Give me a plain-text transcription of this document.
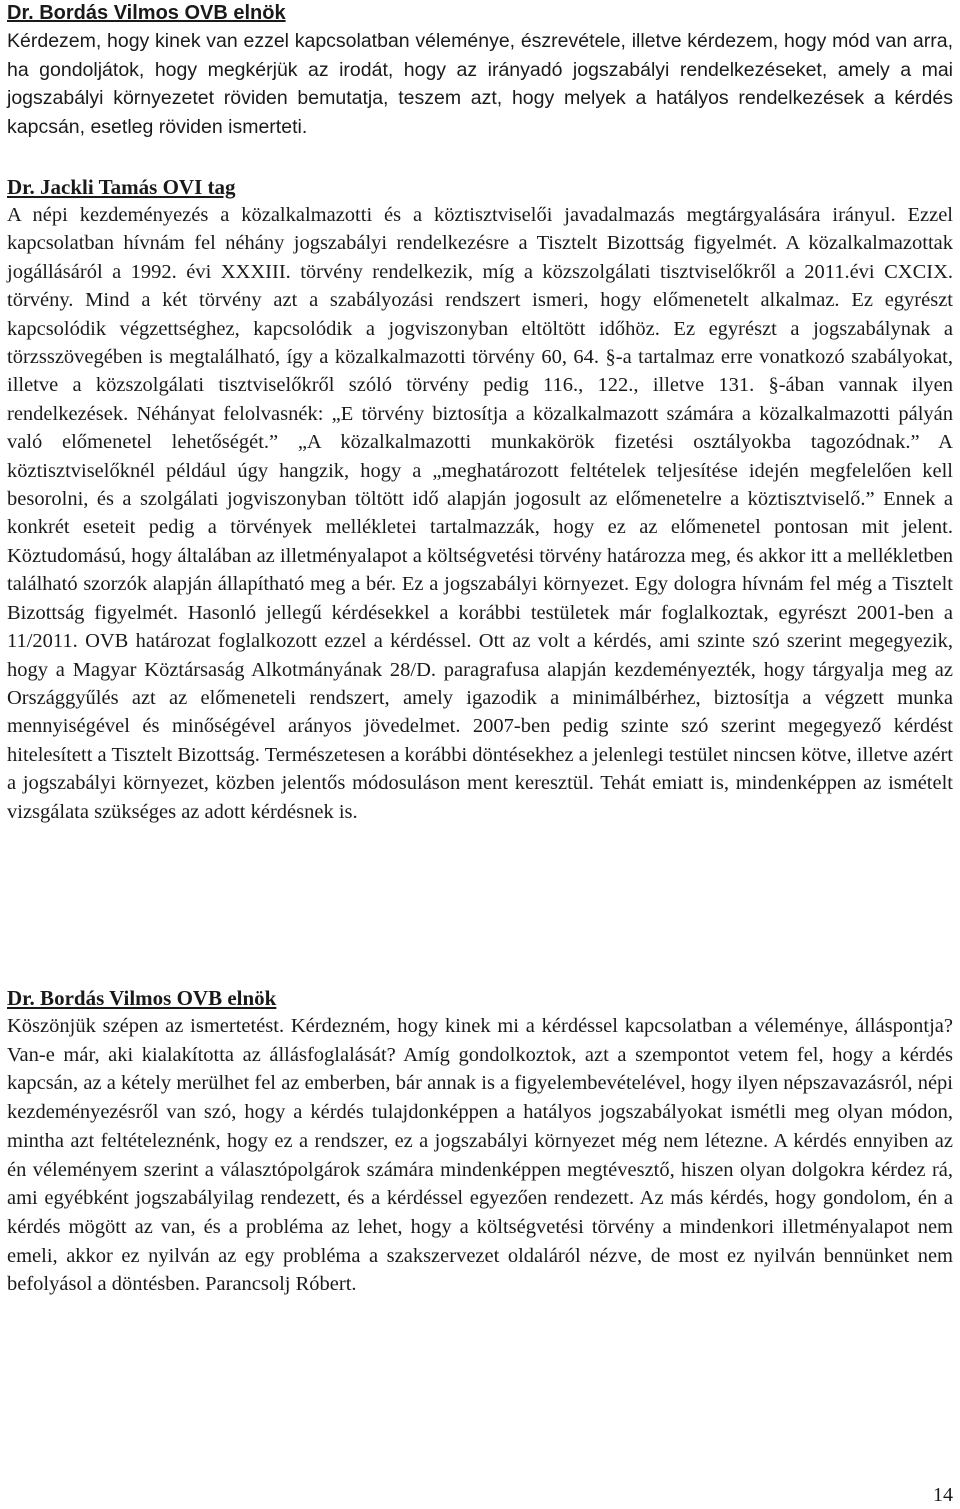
Dr. Bordás Vilmos OVB elnök

Kérdezem, hogy kinek van ezzel kapcsolatban véleménye, észrevétele, illetve kérdezem, hogy mód van arra, ha gondoljátok, hogy megkérjük az irodát, hogy az irányadó jogszabályi rendelkezéseket, amely a mai jogszabályi környezetet röviden bemutatja, teszem azt, hogy melyek a hatályos rendelkezések a kérdés kapcsán, esetleg röviden ismerteti.

Dr. Jackli Tamás OVI tag

A népi kezdeményezés a közalkalmazotti és a köztisztviselői javadalmazás megtárgyalására irányul. Ezzel kapcsolatban hívnám fel néhány jogszabályi rendelkezésre a Tisztelt Bizottság figyelmét. A közalkalmazottak jogállásáról a 1992. évi XXXIII. törvény rendelkezik, míg a közszolgálati tisztviselőkről a 2011.évi CXCIX. törvény. Mind a két törvény azt a szabályozási rendszert ismeri, hogy előmenetelt alkalmaz. Ez egyrészt kapcsolódik végzettséghez, kapcsolódik a jogviszonyban eltöltött időhöz. Ez egyrészt a jogszabálynak a törzsszövegében is megtalálható, így a közalkalmazotti törvény 60, 64. §-a tartalmaz erre vonatkozó szabályokat, illetve a közszolgálati tisztviselőkről szóló törvény pedig 116., 122., illetve 131. §-ában vannak ilyen rendelkezések. Néhányat felolvasnék: „E törvény biztosítja a közalkalmazott számára a közalkalmazotti pályán való előmenetel lehetőségét.” „A közalkalmazotti munkakörök fizetési osztályokba tagozódnak.” A köztisztviselőknél például úgy hangzik, hogy a „meghatározott feltételek teljesítése idején megfelelően kell besorolni, és a szolgálati jogviszonyban töltött idő alapján jogosult az előmenetelre a köztisztviselő.” Ennek a konkrét eseteit pedig a törvények mellékletei tartalmazzák, hogy ez az előmenetel pontosan mit jelent. Köztudomású, hogy általában az illetményalapot a költségvetési törvény határozza meg, és akkor itt a mellékletben található szorzók alapján állapítható meg a bér. Ez a jogszabályi környezet. Egy dologra hívnám fel még a Tisztelt Bizottság figyelmét. Hasonló jellegű kérdésekkel a korábbi testületek már foglalkoztak, egyrészt 2001-ben a 11/2011. OVB határozat foglalkozott ezzel a kérdéssel. Ott az volt a kérdés, ami szinte szó szerint megegyezik, hogy a Magyar Köztársaság Alkotmányának 28/D. paragrafusa alapján kezdeményezték, hogy tárgyalja meg az Országgyűlés azt az előmeneteli rendszert, amely igazodik a minimálbérhez, biztosítja a végzett munka mennyiségével és minőségével arányos jövedelmet. 2007-ben pedig szinte szó szerint megegyező kérdést hitelesített a Tisztelt Bizottság. Természetesen a korábbi döntésekhez a jelenlegi testület nincsen kötve, illetve azért a jogszabályi környezet, közben jelentős módosuláson ment keresztül. Tehát emiatt is, mindenképpen az ismételt vizsgálata szükséges az adott kérdésnek is.

Dr. Bordás Vilmos OVB elnök

Köszönjük szépen az ismertetést. Kérdezném, hogy kinek mi a kérdéssel kapcsolatban a véleménye, álláspontja? Van-e már, aki kialakította az állásfoglalását? Amíg gondolkoztok, azt a szempontot vetem fel, hogy a kérdés kapcsán, az a kétely merülhet fel az emberben, bár annak is a figyelembevételével, hogy ilyen népszavazásról, népi kezdeményezésről van szó, hogy a kérdés tulajdonképpen a hatályos jogszabályokat ismétli meg olyan módon, mintha azt feltételeznénk, hogy ez a rendszer, ez a jogszabályi környezet még nem létezne. A kérdés ennyiben az én véleményem szerint a választópolgárok számára mindenképpen megtévesztő, hiszen olyan dolgokra kérdez rá, ami egyébként jogszabályilag rendezett, és a kérdéssel egyezően rendezett. Az más kérdés, hogy gondolom, én a kérdés mögött az van, és a probléma az lehet, hogy a költségvetési törvény a mindenkori illetményalapot nem emeli, akkor ez nyilván az egy probléma a szakszervezet oldaláról nézve, de most ez nyilván bennünket nem befolyásol a döntésben. Parancsolj Róbert.

14
